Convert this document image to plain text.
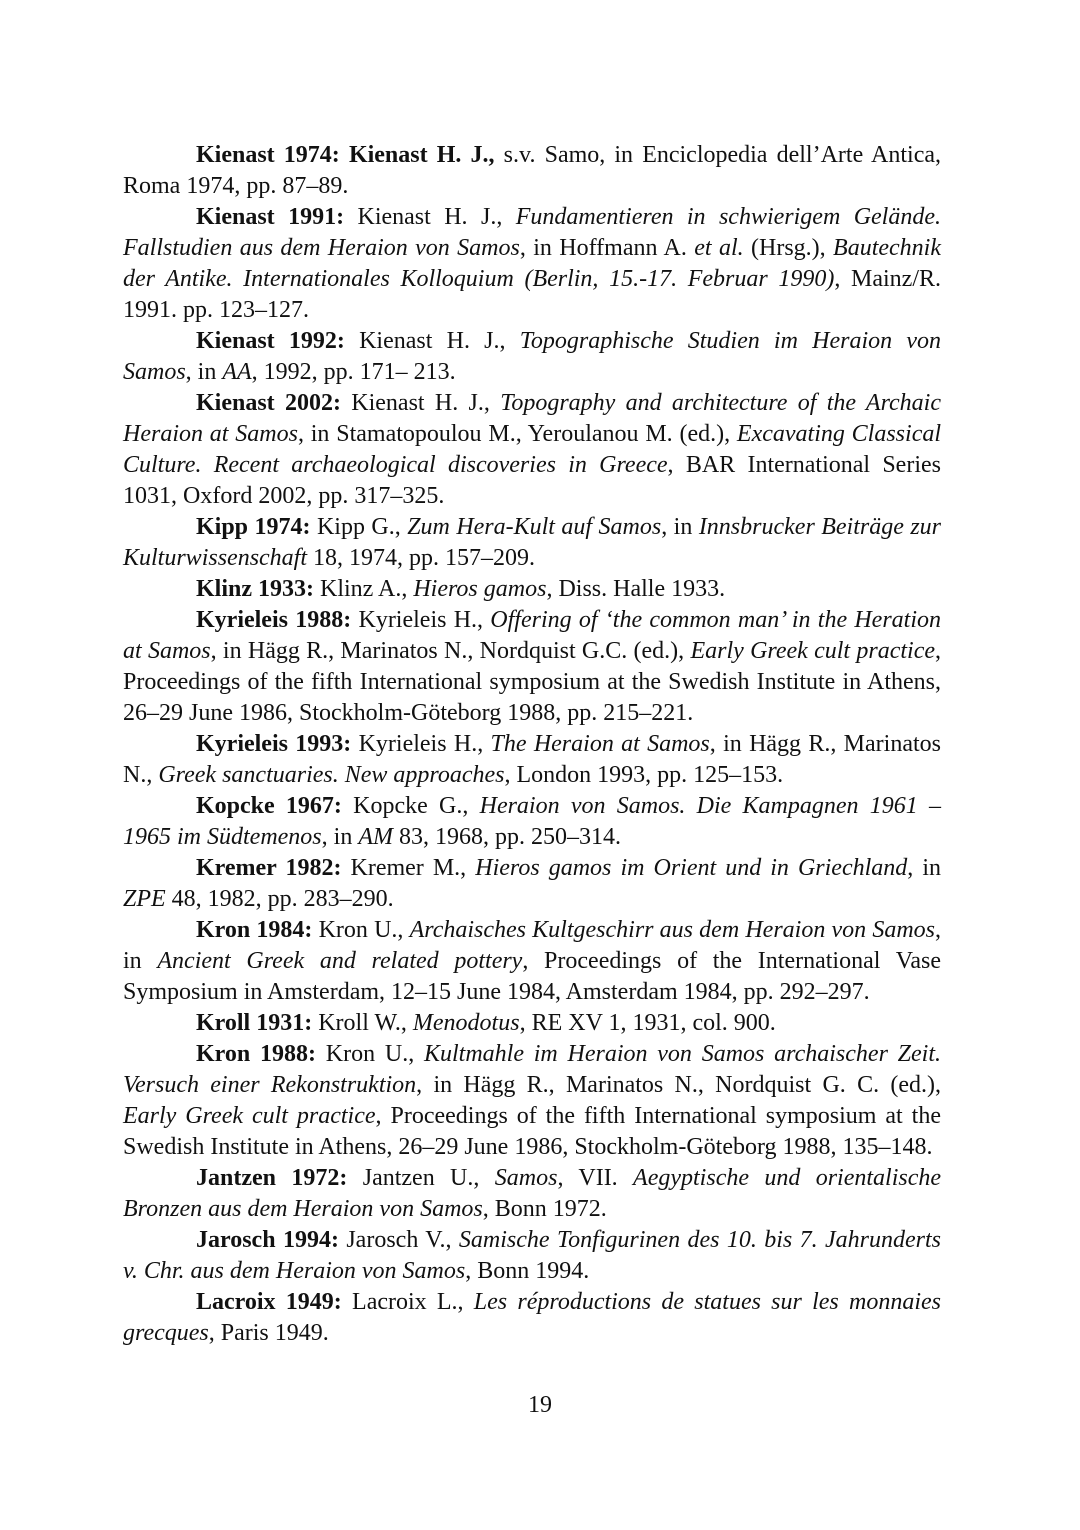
Kienast 1974: Kienast H. J., s.v. Samo, in Enciclopedia dell’Arte Antica, Roma 1974, pp. 87–89.

Kienast 1991: Kienast H. J., Fundamentieren in schwierigem Gelände. Fallstudien aus dem Heraion von Samos, in Hoffmann A. et al. (Hrsg.), Bautechnik der Antike. Internationales Kolloquium (Berlin, 15.-17. Februar 1990), Mainz/R. 1991. pp. 123–127.

Kienast 1992: Kienast H. J., Topographische Studien im Heraion von Samos, in AA, 1992, pp. 171– 213.

Kienast 2002: Kienast H. J., Topography and architecture of the Archaic Heraion at Samos, in Stamatopoulou M., Yeroulanou M. (ed.), Excavating Classical Culture. Recent archaeological discoveries in Greece, BAR International Series 1031, Oxford 2002, pp. 317–325.

Kipp 1974: Kipp G., Zum Hera-Kult auf Samos, in Innsbrucker Beiträge zur Kulturwissenschaft 18, 1974, pp. 157–209.

Klinz 1933: Klinz A., Hieros gamos, Diss. Halle 1933.

Kyrieleis 1988: Kyrieleis H., Offering of ‘the common man’ in the Heration at Samos, in Hägg R., Marinatos N., Nordquist G.C. (ed.), Early Greek cult practice, Proceedings of the fifth International symposium at the Swedish Institute in Athens, 26–29 June 1986, Stockholm-Göteborg 1988, pp. 215–221.

Kyrieleis 1993: Kyrieleis H., The Heraion at Samos, in Hägg R., Marinatos N., Greek sanctuaries. New approaches, London 1993, pp. 125–153.

Kopcke 1967: Kopcke G., Heraion von Samos. Die Kampagnen 1961 – 1965 im Südtemenos, in AM 83, 1968, pp. 250–314.

Kremer 1982: Kremer M., Hieros gamos im Orient und in Griechland, in ZPE 48, 1982, pp. 283–290.

Kron 1984: Kron U., Archaisches Kultgeschirr aus dem Heraion von Samos, in Ancient Greek and related pottery, Proceedings of the International Vase Symposium in Amsterdam, 12–15 June 1984, Amsterdam 1984, pp. 292–297.

Kroll 1931: Kroll W., Menodotus, RE XV 1, 1931, col. 900.

Kron 1988: Kron U., Kultmahle im Heraion von Samos archaischer Zeit. Versuch einer Rekonstruktion, in Hägg R., Marinatos N., Nordquist G. C. (ed.), Early Greek cult practice, Proceedings of the fifth International symposium at the Swedish Institute in Athens, 26–29 June 1986, Stockholm-Göteborg 1988, 135–148.

Jantzen 1972: Jantzen U., Samos, VII. Aegyptische und orientalische Bronzen aus dem Heraion von Samos, Bonn 1972.

Jarosch 1994: Jarosch V., Samische Tonfigurinen des 10. bis 7. Jahrunderts v. Chr. aus dem Heraion von Samos, Bonn 1994.

Lacroix 1949: Lacroix L., Les réproductions de statues sur les monnaies grecques, Paris 1949.

19
